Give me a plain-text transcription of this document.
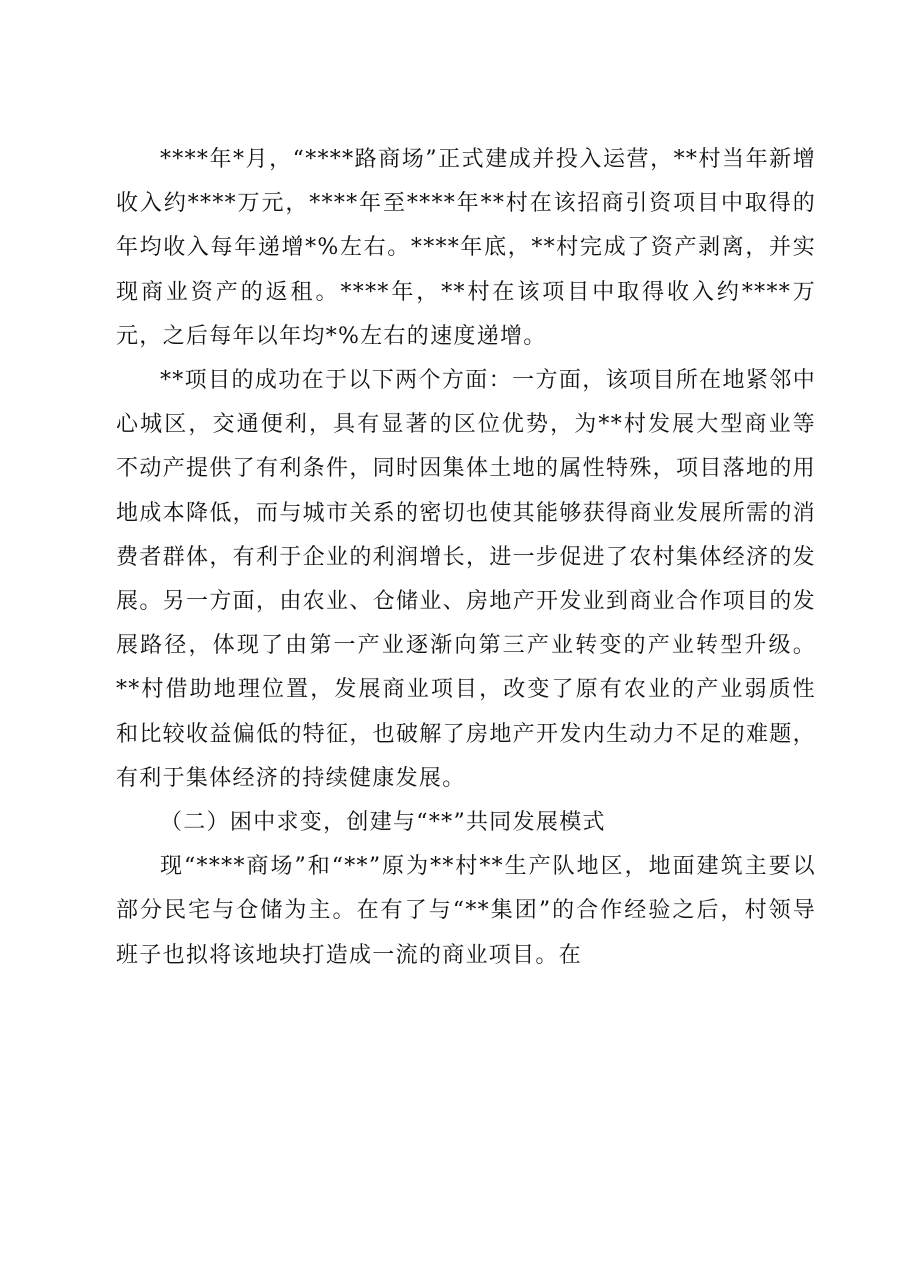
****年*月，“****路商场”正式建成并投入运营，**村当年新增收入约****万元，****年至****年**村在该招商引资项目中取得的年均收入每年递增*%左右。****年底，**村完成了资产剥离，并实现商业资产的返租。****年，**村在该项目中取得收入约****万元，之后每年以年均*%左右的速度递增。

**项目的成功在于以下两个方面：一方面，该项目所在地紧邻中心城区，交通便利，具有显著的区位优势，为**村发展大型商业等不动产提供了有利条件，同时因集体土地的属性特殊，项目落地的用地成本降低，而与城市关系的密切也使其能够获得商业发展所需的消费者群体，有利于企业的利润增长，进一步促进了农村集体经济的发展。另一方面，由农业、仓储业、房地产开发业到商业合作项目的发展路径，体现了由第一产业逐渐向第三产业转变的产业转型升级。**村借助地理位置，发展商业项目，改变了原有农业的产业弱质性和比较收益偏低的特征，也破解了房地产开发内生动力不足的难题，有利于集体经济的持续健康发展。

（二）困中求变，创建与“**”共同发展模式

现“****商场”和“**”原为**村**生产队地区，地面建筑主要以部分民宅与仓储为主。在有了与“**集团”的合作经验之后，村领导班子也拟将该地块打造成一流的商业项目。在
